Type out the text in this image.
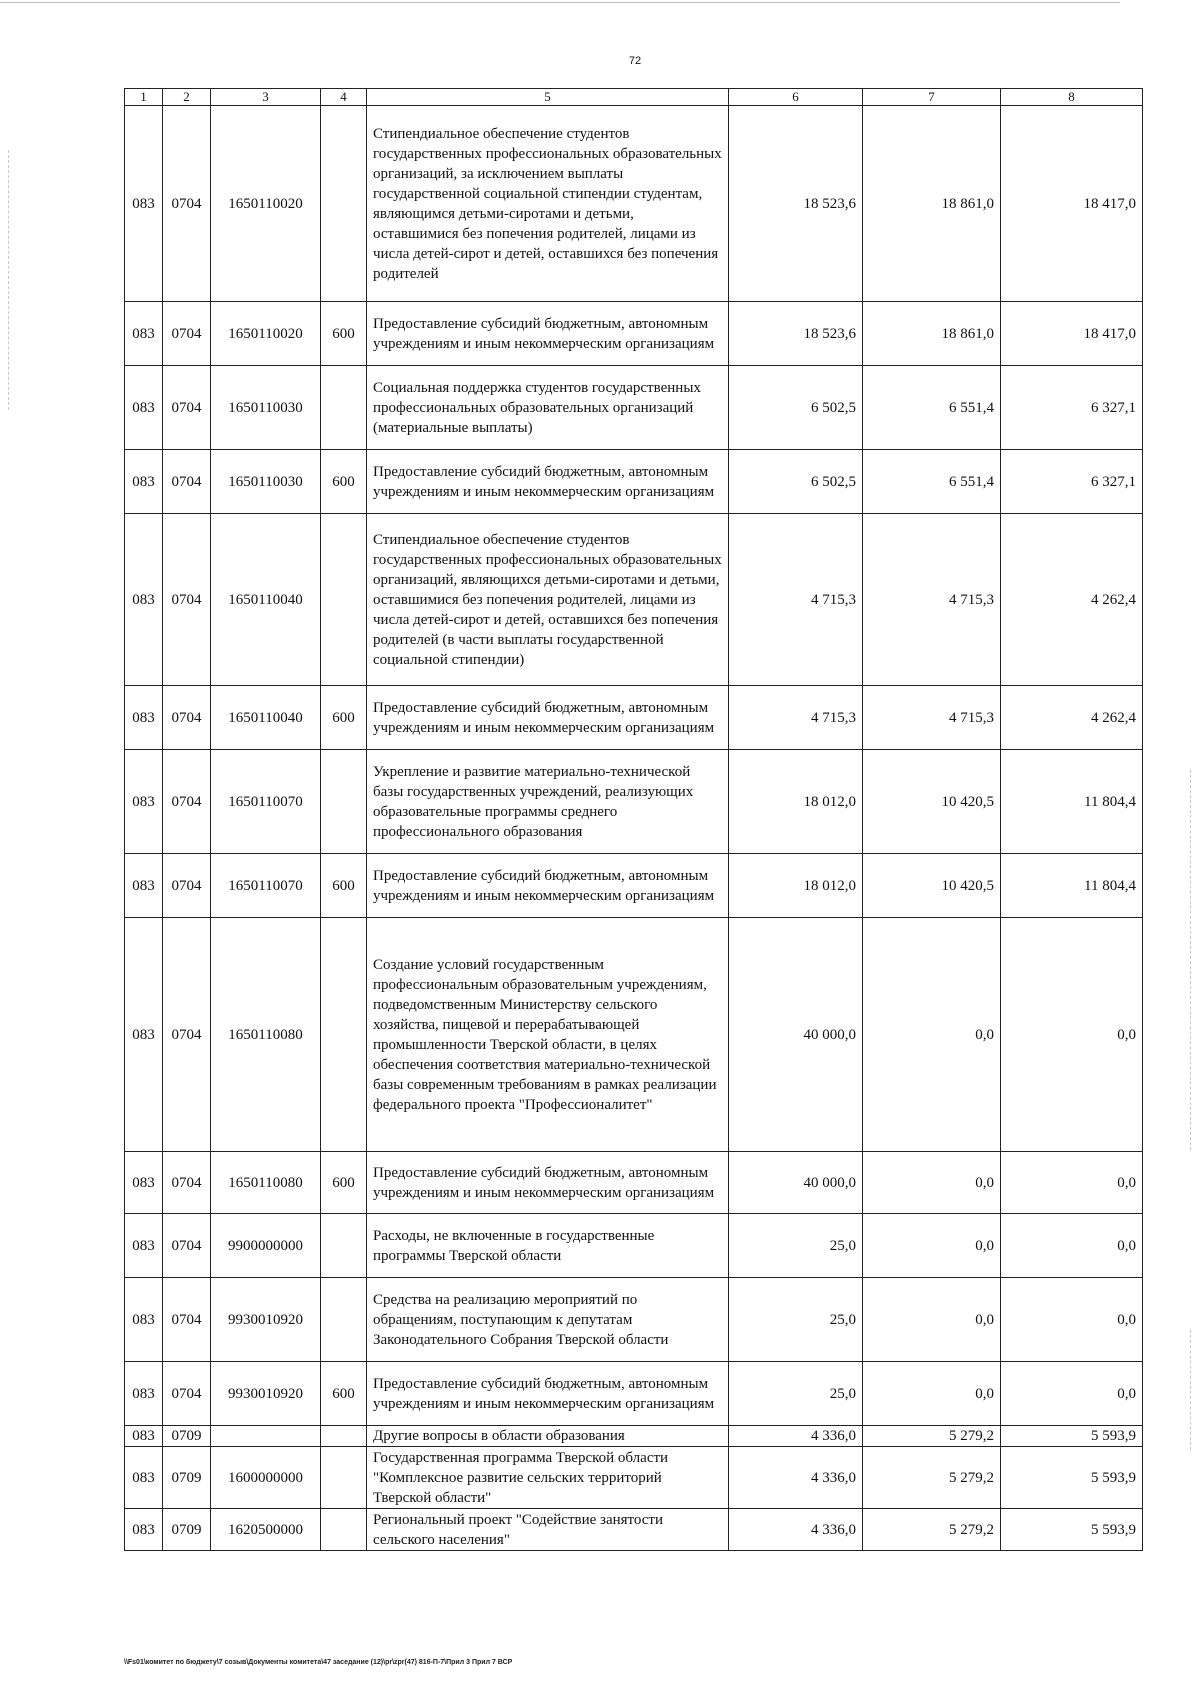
72
1	2	3	4	5	6	7	8
083	0704	1650110020		Стипендиальное обеспечение студентов государственных профессиональных образовательных организаций, за исключением выплаты государственной социальной стипендии студентам, являющимся детьми-сиротами и детьми, оставшимися без попечения родителей, лицами из числа детей-сирот и детей, оставшихся без попечения родителей	18 523,6	18 861,0	18 417,0
083	0704	1650110020	600	Предоставление субсидий бюджетным, автономным учреждениям и иным некоммерческим организациям	18 523,6	18 861,0	18 417,0
083	0704	1650110030		Социальная поддержка студентов государственных профессиональных образовательных организаций (материальные выплаты)	6 502,5	6 551,4	6 327,1
083	0704	1650110030	600	Предоставление субсидий бюджетным, автономным учреждениям и иным некоммерческим организациям	6 502,5	6 551,4	6 327,1
083	0704	1650110040		Стипендиальное обеспечение студентов государственных профессиональных образовательных организаций, являющихся детьми-сиротами и детьми, оставшимися без попечения родителей, лицами из числа детей-сирот и детей, оставшихся без попечения родителей (в части выплаты государственной социальной стипендии)	4 715,3	4 715,3	4 262,4
083	0704	1650110040	600	Предоставление субсидий бюджетным, автономным учреждениям и иным некоммерческим организациям	4 715,3	4 715,3	4 262,4
083	0704	1650110070		Укрепление и развитие материально-технической базы государственных учреждений, реализующих образовательные программы среднего профессионального образования	18 012,0	10 420,5	11 804,4
083	0704	1650110070	600	Предоставление субсидий бюджетным, автономным учреждениям и иным некоммерческим организациям	18 012,0	10 420,5	11 804,4
083	0704	1650110080		Создание условий государственным профессиональным образовательным учреждениям, подведомственным Министерству сельского хозяйства, пищевой и перерабатывающей промышленности Тверской области, в целях обеспечения соответствия материально-технической базы современным требованиям в рамках реализации федерального проекта "Профессионалитет"	40 000,0	0,0	0,0
083	0704	1650110080	600	Предоставление субсидий бюджетным, автономным учреждениям и иным некоммерческим организациям	40 000,0	0,0	0,0
083	0704	9900000000		Расходы, не включенные в государственные программы Тверской области	25,0	0,0	0,0
083	0704	9930010920		Средства на реализацию мероприятий по обращениям, поступающим к депутатам Законодательного Собрания Тверской области	25,0	0,0	0,0
083	0704	9930010920	600	Предоставление субсидий бюджетным, автономным учреждениям и иным некоммерческим организациям	25,0	0,0	0,0
083	0709			Другие вопросы в области образования	4 336,0	5 279,2	5 593,9
083	0709	1600000000		Государственная программа Тверской области "Комплексное развитие сельских территорий Тверской области"	4 336,0	5 279,2	5 593,9
083	0709	1620500000		Региональный проект "Содействие занятости сельского населения"	4 336,0	5 279,2	5 593,9
\\Fs01\комитет по бюджету\7 созыв\Документы комитета\47 заседание (12)\pr\zpr(47) 816-П-7\Прил 3 Прил 7 ВСР
